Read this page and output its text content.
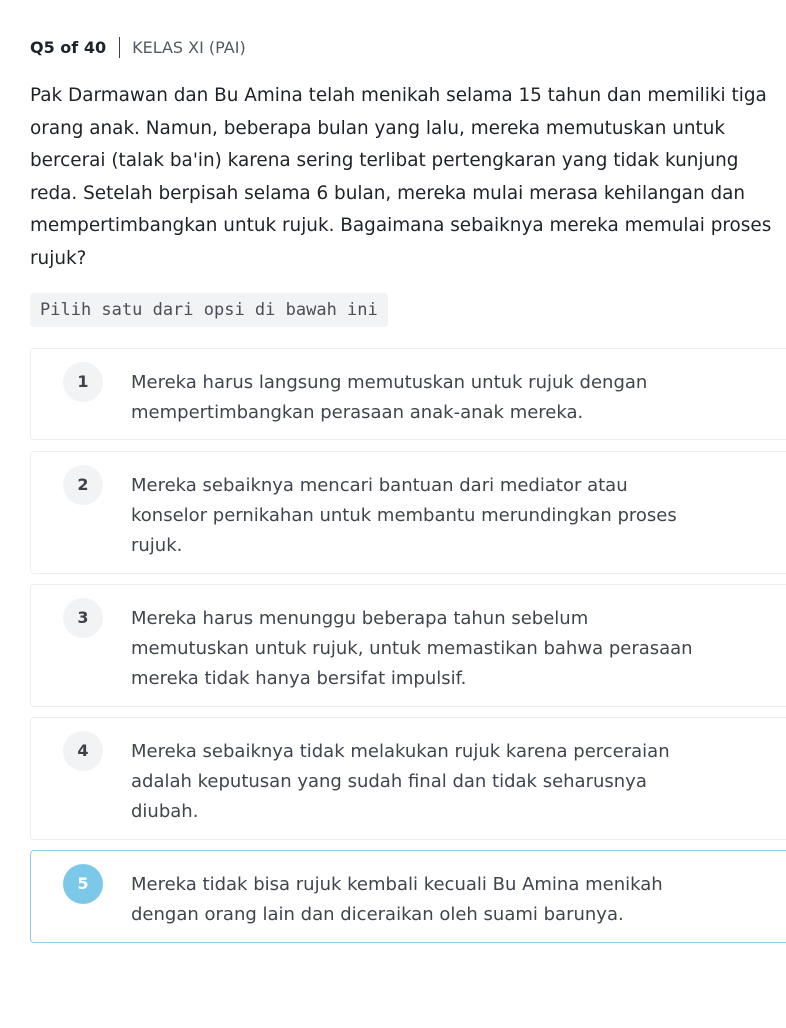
Q5 of 40 KELAS XI (PAI)

Pak Darmawan dan Bu Amina telah menikah selama 15 tahun dan memiliki tiga orang anak. Namun, beberapa bulan yang lalu, mereka memutuskan untuk bercerai (talak ba'in) karena sering terlibat pertengkaran yang tidak kunjung reda. Setelah berpisah selama 6 bulan, mereka mulai merasa kehilangan dan mempertimbangkan untuk rujuk. Bagaimana sebaiknya mereka memulai proses rujuk?

Pilih satu dari opsi di bawah ini
1	Mereka harus langsung memutuskan untuk rujuk dengan mempertimbangkan perasaan anak-anak mereka.
2	Mereka sebaiknya mencari bantuan dari mediator atau konselor pernikahan untuk membantu merundingkan proses rujuk.
3	Mereka harus menunggu beberapa tahun sebelum memutuskan untuk rujuk, untuk memastikan bahwa perasaan mereka tidak hanya bersifat impulsif.
4	Mereka sebaiknya tidak melakukan rujuk karena perceraian adalah keputusan yang sudah final dan tidak seharusnya diubah.
5	Mereka tidak bisa rujuk kembali kecuali Bu Amina menikah dengan orang lain dan diceraikan oleh suami barunya.
